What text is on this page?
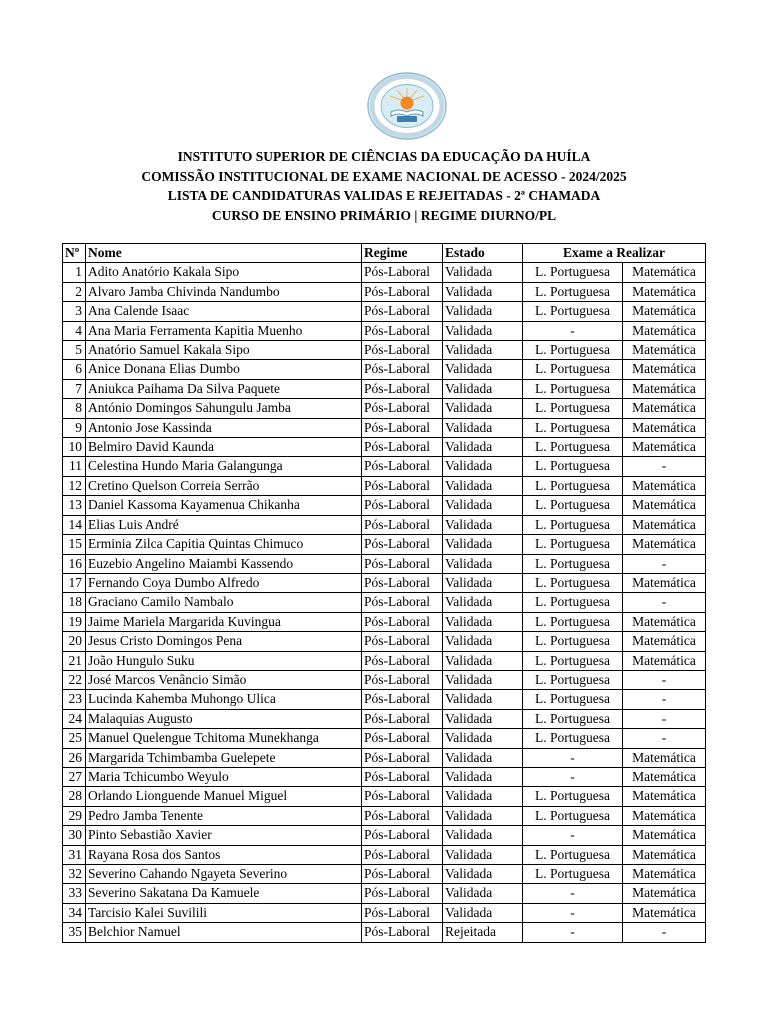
INSTITUTO SUPERIOR DE CIÊNCIAS DA EDUCAÇÃO DA HUÍLA
COMISSÃO INSTITUCIONAL DE EXAME NACIONAL DE ACESSO - 2024/2025
LISTA DE CANDIDATURAS VALIDAS E REJEITADAS - 2ª CHAMADA
CURSO DE ENSINO PRIMÁRIO | REGIME DIURNO/PL
Nº	Nome	Regime	Estado	Exame a Realizar	
1	Adito Anatório Kakala Sipo	Pós-Laboral	Validada	L. Portuguesa	Matemática
2	Alvaro Jamba Chivinda Nandumbo	Pós-Laboral	Validada	L. Portuguesa	Matemática
3	Ana Calende Isaac	Pós-Laboral	Validada	L. Portuguesa	Matemática
4	Ana Maria Ferramenta Kapitia Muenho	Pós-Laboral	Validada	-	Matemática
5	Anatório Samuel Kakala Sipo	Pós-Laboral	Validada	L. Portuguesa	Matemática
6	Anice Donana Elias Dumbo	Pós-Laboral	Validada	L. Portuguesa	Matemática
7	Aniukca Paihama Da Silva Paquete	Pós-Laboral	Validada	L. Portuguesa	Matemática
8	António Domingos Sahungulu Jamba	Pós-Laboral	Validada	L. Portuguesa	Matemática
9	Antonio Jose Kassinda	Pós-Laboral	Validada	L. Portuguesa	Matemática
10	Belmiro David Kaunda	Pós-Laboral	Validada	L. Portuguesa	Matemática
11	Celestina Hundo Maria Galangunga	Pós-Laboral	Validada	L. Portuguesa	-
12	Cretino Quelson Correia Serrão	Pós-Laboral	Validada	L. Portuguesa	Matemática
13	Daniel Kassoma Kayamenua Chikanha	Pós-Laboral	Validada	L. Portuguesa	Matemática
14	Elias Luis André	Pós-Laboral	Validada	L. Portuguesa	Matemática
15	Erminia Zilca Capitia Quintas Chimuco	Pós-Laboral	Validada	L. Portuguesa	Matemática
16	Euzebio Angelino Maiambi Kassendo	Pós-Laboral	Validada	L. Portuguesa	-
17	Fernando Coya Dumbo Alfredo	Pós-Laboral	Validada	L. Portuguesa	Matemática
18	Graciano Camilo Nambalo	Pós-Laboral	Validada	L. Portuguesa	-
19	Jaime Mariela Margarida Kuvingua	Pós-Laboral	Validada	L. Portuguesa	Matemática
20	Jesus Cristo Domingos Pena	Pós-Laboral	Validada	L. Portuguesa	Matemática
21	João Hungulo Suku	Pós-Laboral	Validada	L. Portuguesa	Matemática
22	José Marcos Venâncio Simão	Pós-Laboral	Validada	L. Portuguesa	-
23	Lucinda Kahemba Muhongo Ulica	Pós-Laboral	Validada	L. Portuguesa	-
24	Malaquias Augusto	Pós-Laboral	Validada	L. Portuguesa	-
25	Manuel Quelengue Tchitoma Munekhanga	Pós-Laboral	Validada	L. Portuguesa	-
26	Margarida Tchimbamba Guelepete	Pós-Laboral	Validada	-	Matemática
27	Maria Tchicumbo Weyulo	Pós-Laboral	Validada	-	Matemática
28	Orlando Lionguende Manuel Miguel	Pós-Laboral	Validada	L. Portuguesa	Matemática
29	Pedro Jamba Tenente	Pós-Laboral	Validada	L. Portuguesa	Matemática
30	Pinto Sebastião Xavier	Pós-Laboral	Validada	-	Matemática
31	Rayana Rosa dos Santos	Pós-Laboral	Validada	L. Portuguesa	Matemática
32	Severino Cahando Ngayeta Severino	Pós-Laboral	Validada	L. Portuguesa	Matemática
33	Severino Sakatana Da Kamuele	Pós-Laboral	Validada	-	Matemática
34	Tarcisio Kalei Suvilili	Pós-Laboral	Validada	-	Matemática
35	Belchior Namuel	Pós-Laboral	Rejeitada	-	-
